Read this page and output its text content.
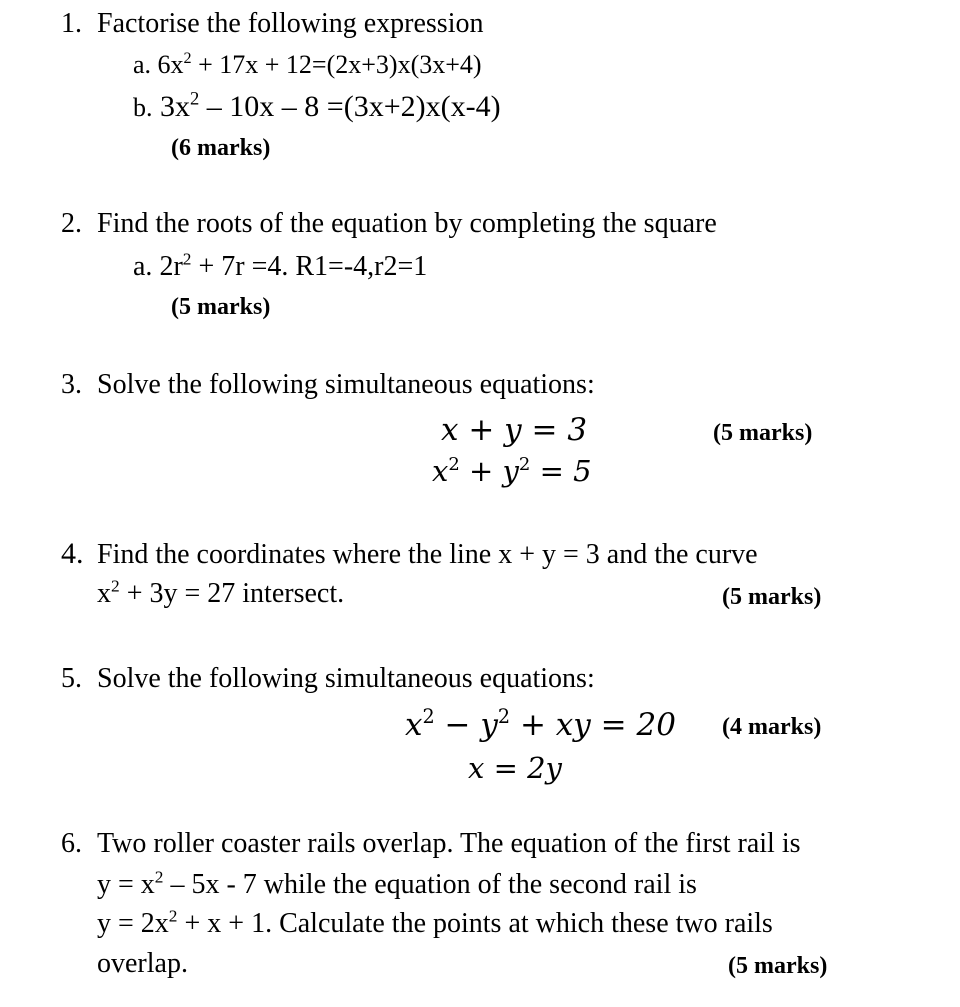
1. Factorise the following expression
a. $6x^2 + 17x + 12=(2x+3)x(3x+4)$
b. $3x^2 - 10x - 8 =(3x+2)x(x-4)$
(6 marks)
2. Find the roots of the equation by completing the square
a. $2r^2 + 7r =4$. R1=-4,r2=1
(5 marks)
3. Solve the following simultaneous equations:
x + y = 3
$x^2 + y^2 = 5$
(5 marks)
4. Find the coordinates where the line x + y = 3 and the curve
$x^2 + 3y = 27$ intersect.	(5 marks)
5. Solve the following simultaneous equations:
$x^2 - y^2$ + xy = 20
x = 2y
(4 marks)
6. Two roller coaster rails overlap. The equation of the first rail is
$y = x^2 - 5x - 7$ while the equation of the second rail is
$y = 2x^2 + x + 1$. Calculate the points at which these two rails
overlap.	(5 marks)
